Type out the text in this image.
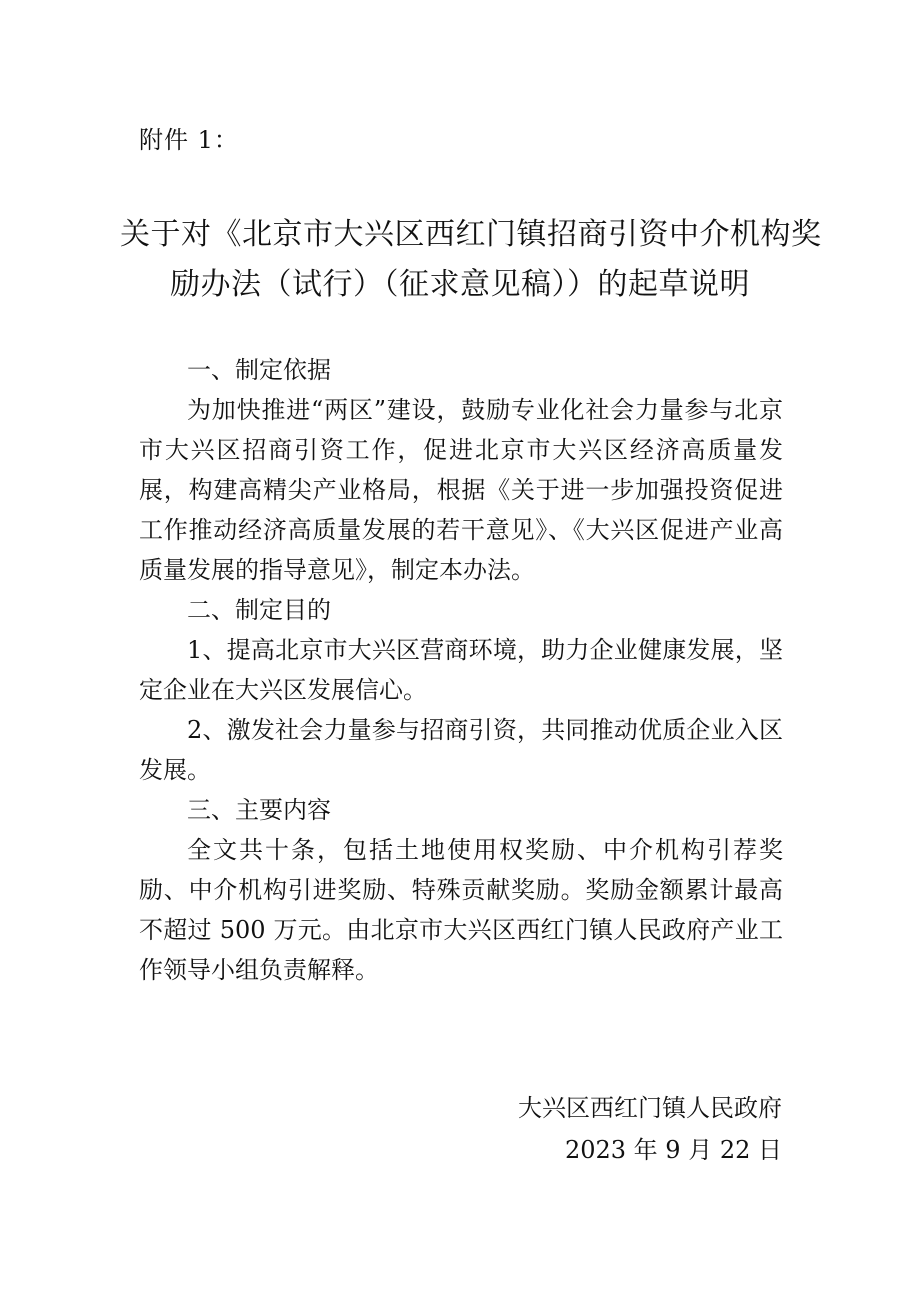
附件 1：
关于对《北京市大兴区西红门镇招商引资中介机构奖
励办法（试行）（征求意见稿））的起草说明

一、制定依据

为加快推进“两区”建设，鼓励专业化社会力量参与北京市大兴区招商引资工作，促进北京市大兴区经济高质量发展，构建高精尖产业格局，根据《关于进一步加强投资促进工作推动经济高质量发展的若干意见》、《大兴区促进产业高质量发展的指导意见》，制定本办法。

二、制定目的

1、提高北京市大兴区营商环境，助力企业健康发展，坚定企业在大兴区发展信心。

2、激发社会力量参与招商引资，共同推动优质企业入区发展。

三、主要内容

全文共十条，包括土地使用权奖励、中介机构引荐奖励、中介机构引进奖励、特殊贡献奖励。奖励金额累计最高不超过 500 万元。由北京市大兴区西红门镇人民政府产业工作领导小组负责解释。

大兴区西红门镇人民政府
2023 年 9 月 22 日
